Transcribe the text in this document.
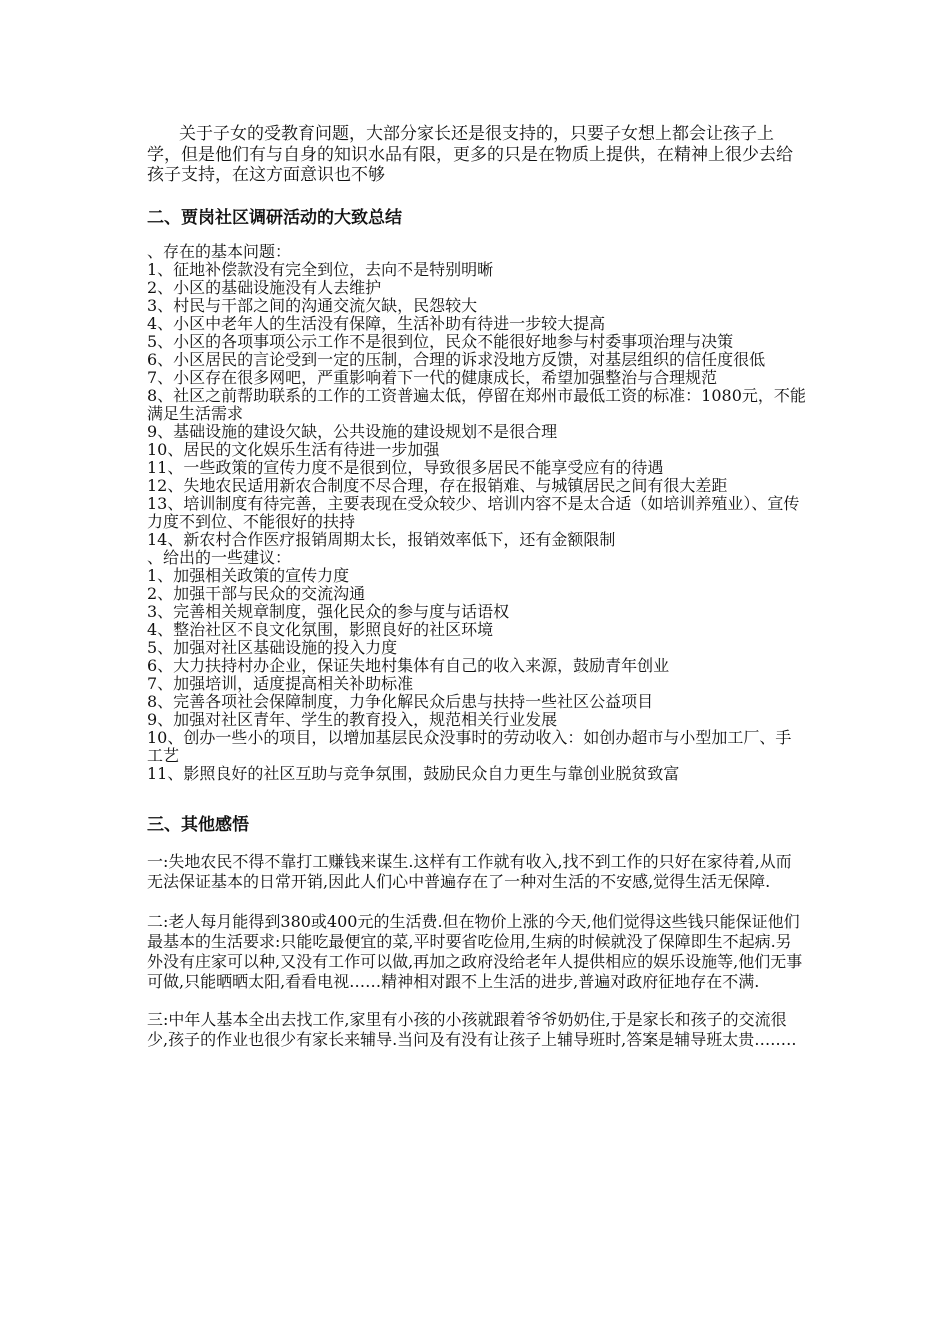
关于子女的受教育问题，大部分家长还是很支持的，只要子女想上都会让孩子上学，但是他们有与自身的知识水品有限，更多的只是在物质上提供，在精神上很少去给孩子支持，在这方面意识也不够

二、贾岗社区调研活动的大致总结
、存在的基本问题：
1、征地补偿款没有完全到位，去向不是特别明晰
2、小区的基础设施没有人去维护
3、村民与干部之间的沟通交流欠缺，民怨较大
4、小区中老年人的生活没有保障，生活补助有待进一步较大提高
5、小区的各项事项公示工作不是很到位，民众不能很好地参与村委事项治理与决策
6、小区居民的言论受到一定的压制，合理的诉求没地方反馈，对基层组织的信任度很低
7、小区存在很多网吧，严重影响着下一代的健康成长，希望加强整治与合理规范
8、社区之前帮助联系的工作的工资普遍太低，停留在郑州市最低工资的标准：1080元，不能满足生活需求
9、基础设施的建设欠缺，公共设施的建设规划不是很合理
10、居民的文化娱乐生活有待进一步加强
11、一些政策的宣传力度不是很到位，导致很多居民不能享受应有的待遇
12、失地农民适用新农合制度不尽合理，存在报销难、与城镇居民之间有很大差距
13、培训制度有待完善，主要表现在受众较少、培训内容不是太合适（如培训养殖业）、宣传力度不到位、不能很好的扶持
14、新农村合作医疗报销周期太长，报销效率低下，还有金额限制
、给出的一些建议：
1、加强相关政策的宣传力度
2、加强干部与民众的交流沟通
3、完善相关规章制度，强化民众的参与度与话语权
4、整治社区不良文化氛围，影照良好的社区环境
5、加强对社区基础设施的投入力度
6、大力扶持村办企业，保证失地村集体有自己的收入来源，鼓励青年创业
7、加强培训，适度提高相关补助标准
8、完善各项社会保障制度，力争化解民众后患与扶持一些社区公益项目
9、加强对社区青年、学生的教育投入，规范相关行业发展
10、创办一些小的项目，以增加基层民众没事时的劳动收入：如创办超市与小型加工厂、手工艺
11、影照良好的社区互助与竞争氛围，鼓励民众自力更生与靠创业脱贫致富
三、其他感悟

一:失地农民不得不靠打工赚钱来谋生.这样有工作就有收入,找不到工作的只好在家待着,从而无法保证基本的日常开销,因此人们心中普遍存在了一种对生活的不安感,觉得生活无保障.

二:老人每月能得到380或400元的生活费.但在物价上涨的今天,他们觉得这些钱只能保证他们最基本的生活要求:只能吃最便宜的菜,平时要省吃俭用,生病的时候就没了保障即生不起病.另外没有庄家可以种,又没有工作可以做,再加之政府没给老年人提供相应的娱乐设施等,他们无事可做,只能晒晒太阳,看看电视……精神相对跟不上生活的进步,普遍对政府征地存在不满.

三:中年人基本全出去找工作,家里有小孩的小孩就跟着爷爷奶奶住,于是家长和孩子的交流很少,孩子的作业也很少有家长来辅导.当问及有没有让孩子上辅导班时,答案是辅导班太贵….….
